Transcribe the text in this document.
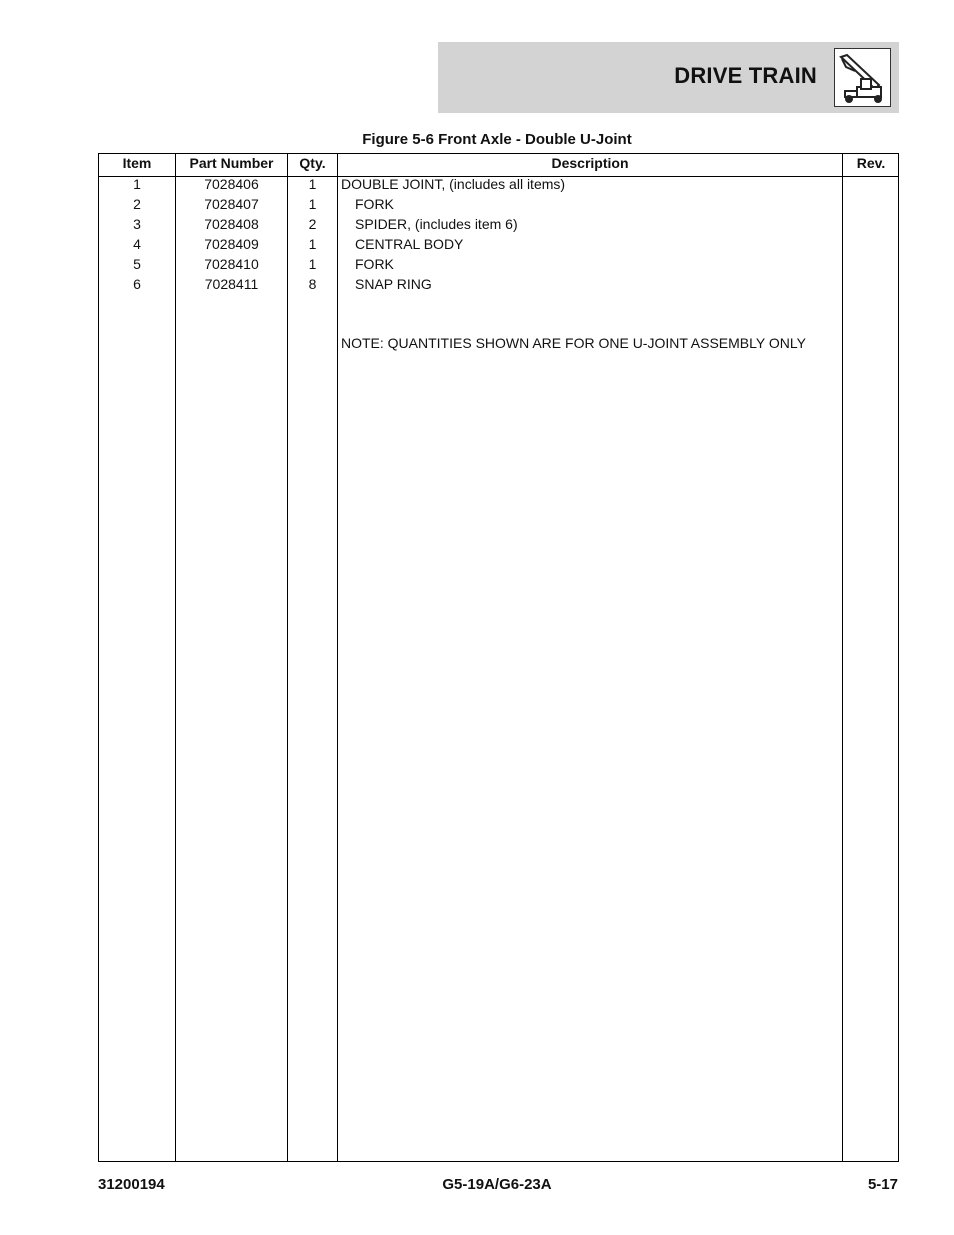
DRIVE TRAIN
Figure 5-6 Front Axle - Double U-Joint
Item	Part Number	Qty.	Description	Rev.
1	7028406	1	DOUBLE JOINT, (includes all items)
2	7028407	1	FORK
3	7028408	2	SPIDER, (includes item 6)
4	7028409	1	CENTRAL BODY
5	7028410	1	FORK
6	7028411	8	SNAP RING
NOTE: QUANTITIES SHOWN ARE FOR ONE U-JOINT ASSEMBLY ONLY
31200194	G5-19A/G6-23A	5-17
